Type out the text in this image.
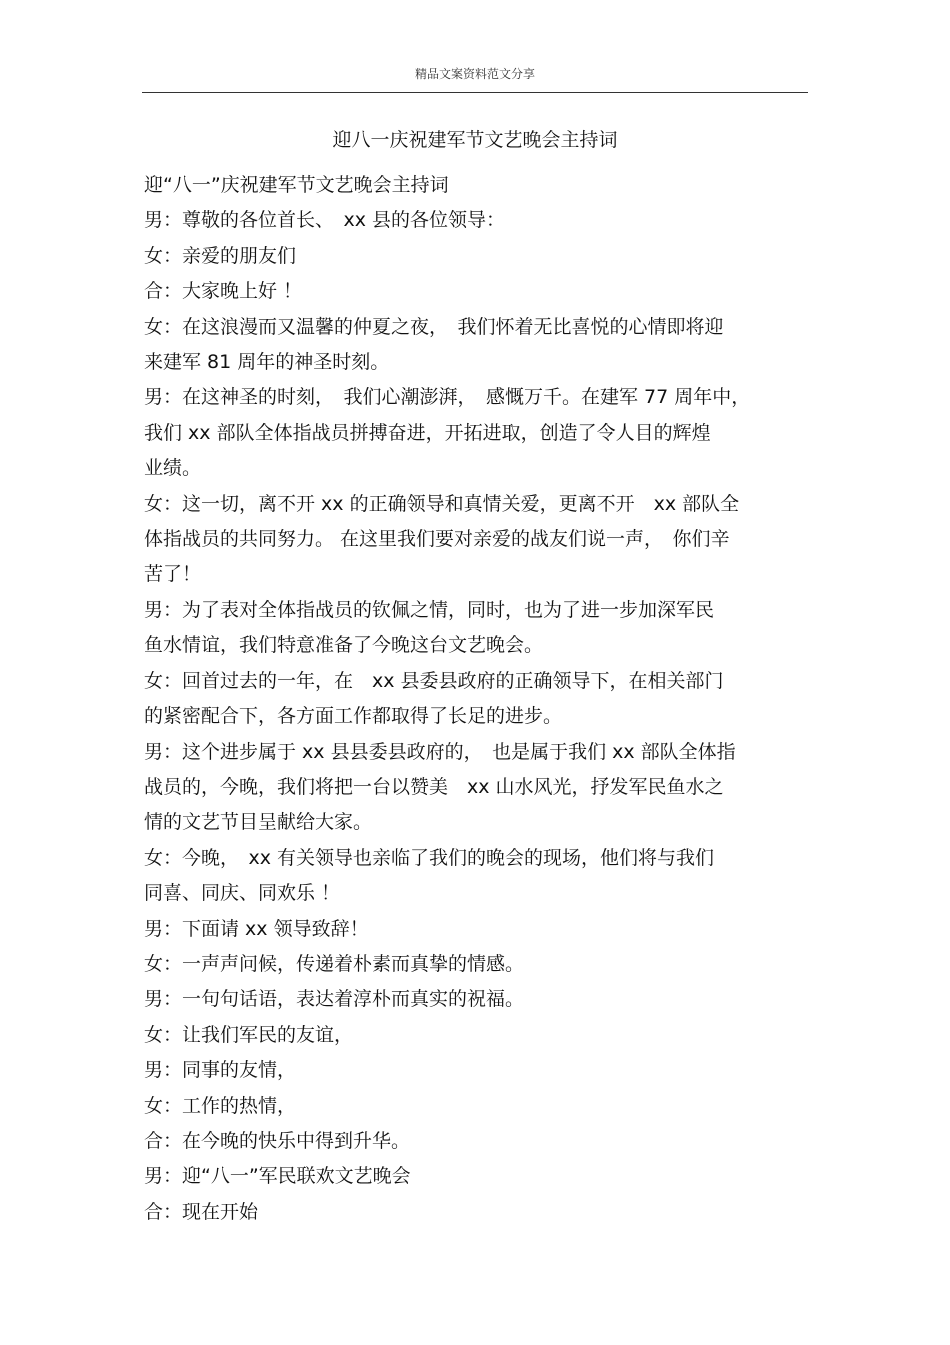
精品文案资料范文分享
迎八一庆祝建军节文艺晚会主持词

迎“八一”庆祝建军节文艺晚会主持词

男：尊敬的各位首长、　xx 县的各位领导：

女：亲爱的朋友们

合：大家晚上好 ！

女：在这浪漫而又温馨的仲夏之夜，　我们怀着无比喜悦的心情即将迎

来建军 81 周年的神圣时刻。

男：在这神圣的时刻，　我们心潮澎湃，　感慨万千。在建军 77 周年中，

我们 xx 部队全体指战员拼搏奋进，开拓进取，创造了令人目的辉煌

业绩。

女：这一切，离不开 xx 的正确领导和真情关爱，更离不开　xx 部队全

体指战员的共同努力。 在这里我们要对亲爱的战友们说一声，　你们辛

苦了！

男：为了表对全体指战员的钦佩之情，同时，也为了进一步加深军民

鱼水情谊，我们特意准备了今晚这台文艺晚会。

女：回首过去的一年，在　xx 县委县政府的正确领导下，在相关部门

的紧密配合下，各方面工作都取得了长足的进步。

男：这个进步属于 xx 县县委县政府的，　也是属于我们 xx 部队全体指

战员的，今晚，我们将把一台以赞美　xx 山水风光，抒发军民鱼水之

情的文艺节目呈献给大家。

女：今晚，　xx 有关领导也亲临了我们的晚会的现场，他们将与我们

同喜、同庆、同欢乐 ！

男：下面请 xx 领导致辞！

女：一声声问候，传递着朴素而真挚的情感。

男：一句句话语，表达着淳朴而真实的祝福。

女：让我们军民的友谊，

男：同事的友情，

女：工作的热情，

合：在今晚的快乐中得到升华。

男：迎“八一”军民联欢文艺晚会

合：现在开始
